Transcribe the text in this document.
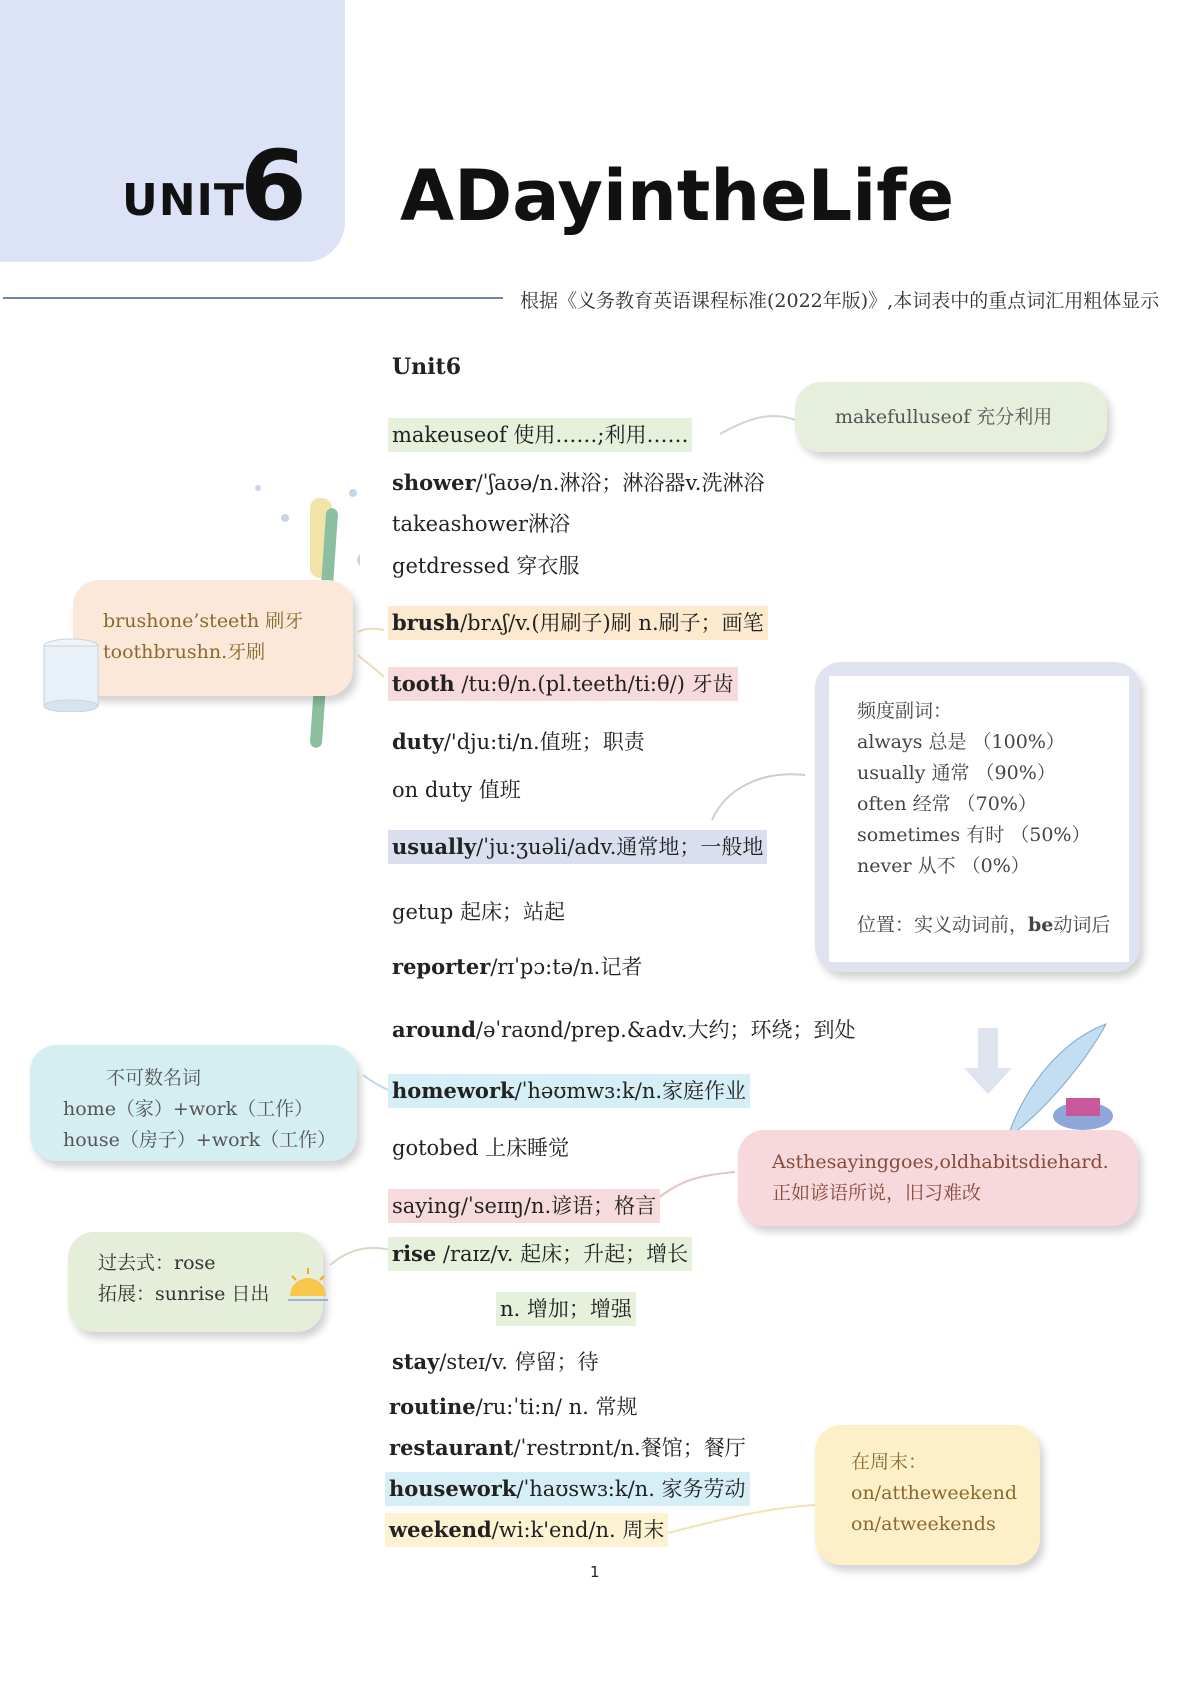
UNIT
6 ADayintheLife
根据《义务教育英语课程标准(2022年版)》,本词表中的重点词汇用粗体显示
Unit6
makeuseof 使用……;利用……
shower/ˈʃaʊə/n.淋浴；淋浴器v.洗淋浴
takeashower淋浴
getdressed 穿衣服
brush/brʌʃ/v.(用刷子)刷 n.刷子；画笔
tooth /tu:θ/n.(pl.teeth/ti:θ/) 牙齿
duty/'dju:ti/n.值班；职责
on duty 值班
usually/ˈju:ʒuəli/adv.通常地；一般地
getup 起床；站起
reporter/rɪˈpɔ:tə/n.记者
around/əˈraʊnd/prep.&adv.大约；环绕；到处
homework/ˈhəʊmwɜ:k/n.家庭作业
gotobed 上床睡觉
saying/ˈseɪɪŋ/n.谚语；格言
rise /raɪz/v. 起床；升起；增长
n. 增加；增强
stay/steɪ/v. 停留；待
routine/ru:ˈti:n/ n. 常规
restaurant/ˈrestrɒnt/n.餐馆；餐厅
housework/ˈhaʊswɜ:k/n. 家务劳动
weekend/wi:k'end/n. 周末
makefulluseof 充分利用
brushone’steeth 刷牙
toothbrushn.牙刷
频度副词：
always 总是 （100%）
usually 通常 （90%）
often 经常 （70%）
sometimes 有时 （50%）
never 从不 （0%）
位置：实义动词前，be动词后
不可数名词
home（家）+work（工作）
house（房子）+work（工作）
Asthesayinggoes,oldhabitsdiehard.
正如谚语所说，旧习难改
过去式：rose
拓展：sunrise 日出
在周末：
on/attheweekend
on/atweekends
1
